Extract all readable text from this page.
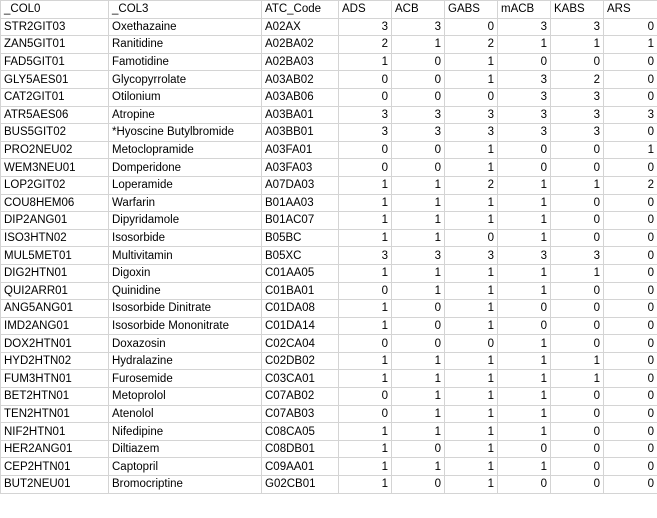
_COL0	_COL3	ATC_Code	ADS	ACB	GABS	mACB	KABS	ARS
STR2GIT03	Oxethazaine	A02AX	3	3	0	3	3	0
ZAN5GIT01	Ranitidine	A02BA02	2	1	2	1	1	1
FAD5GIT01	Famotidine	A02BA03	1	0	1	0	0	0
GLY5AES01	Glycopyrrolate	A03AB02	0	0	1	3	2	0
CAT2GIT01	Otilonium	A03AB06	0	0	0	3	3	0
ATR5AES06	Atropine	A03BA01	3	3	3	3	3	3
BUS5GIT02	*Hyoscine Butylbromide	A03BB01	3	3	3	3	3	0
PRO2NEU02	Metoclopramide	A03FA01	0	0	1	0	0	1
WEM3NEU01	Domperidone	A03FA03	0	0	1	0	0	0
LOP2GIT02	Loperamide	A07DA03	1	1	2	1	1	2
COU8HEM06	Warfarin	B01AA03	1	1	1	1	0	0
DIP2ANG01	Dipyridamole	B01AC07	1	1	1	1	0	0
ISO3HTN02	Isosorbide	B05BC	1	1	0	1	0	0
MUL5MET01	Multivitamin	B05XC	3	3	3	3	3	0
DIG2HTN01	Digoxin	C01AA05	1	1	1	1	1	0
QUI2ARR01	Quinidine	C01BA01	0	1	1	1	0	0
ANG5ANG01	Isosorbide Dinitrate	C01DA08	1	0	1	0	0	0
IMD2ANG01	Isosorbide Mononitrate	C01DA14	1	0	1	0	0	0
DOX2HTN01	Doxazosin	C02CA04	0	0	0	1	0	0
HYD2HTN02	Hydralazine	C02DB02	1	1	1	1	1	0
FUM3HTN01	Furosemide	C03CA01	1	1	1	1	1	0
BET2HTN01	Metoprolol	C07AB02	0	1	1	1	0	0
TEN2HTN01	Atenolol	C07AB03	0	1	1	1	0	0
NIF2HTN01	Nifedipine	C08CA05	1	1	1	1	0	0
HER2ANG01	Diltiazem	C08DB01	1	0	1	0	0	0
CEP2HTN01	Captopril	C09AA01	1	1	1	1	0	0
BUT2NEU01	Bromocriptine	G02CB01	1	0	1	0	0	0
